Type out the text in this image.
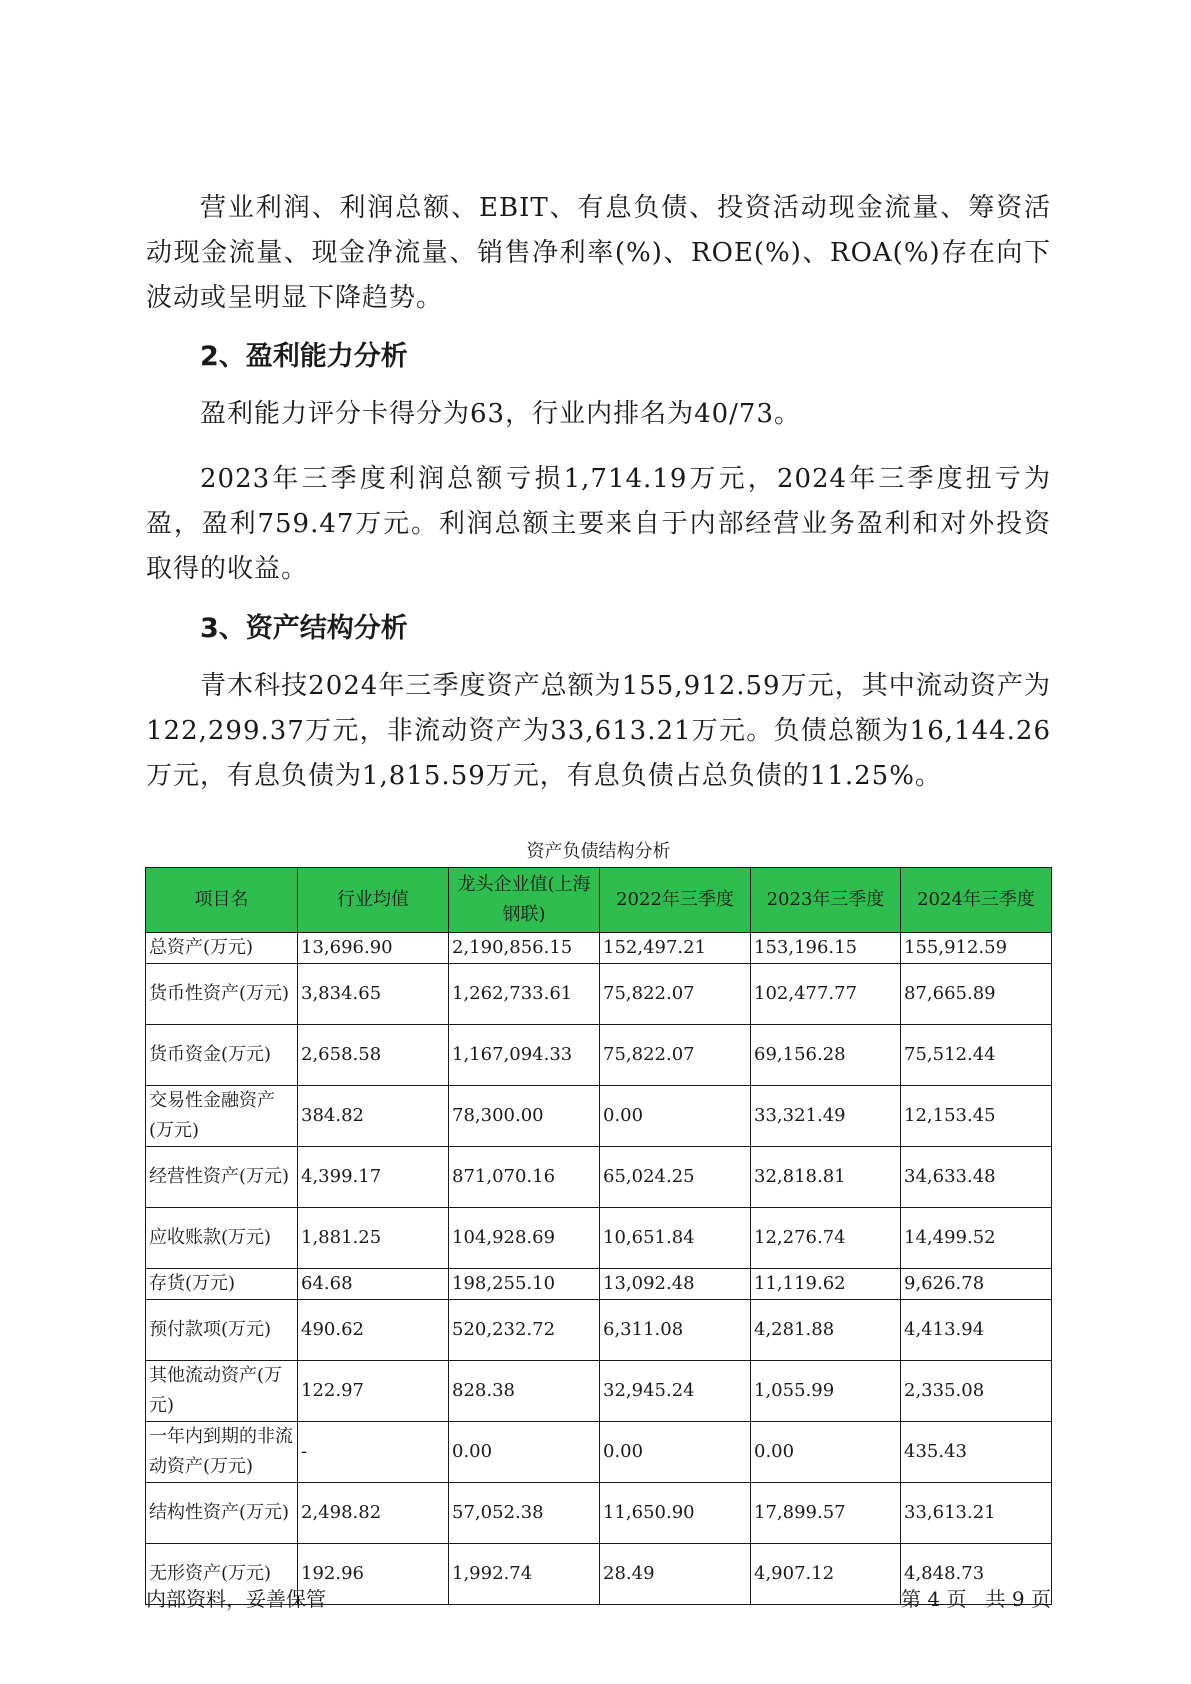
营业利润、利润总额、EBIT、有息负债、投资活动现金流量、筹资活动现金流量、现金净流量、销售净利率(%)、ROE(%)、ROA(%)存在向下波动或呈明显下降趋势。

2、盈利能力分析

盈利能力评分卡得分为63，行业内排名为40/73。

2023年三季度利润总额亏损1,714.19万元，2024年三季度扭亏为盈，盈利759.47万元。利润总额主要来自于内部经营业务盈利和对外投资取得的收益。

3、资产结构分析

青木科技2024年三季度资产总额为155,912.59万元，其中流动资产为122,299.37万元，非流动资产为33,613.21万元。负债总额为16,144.26万元，有息负债为1,815.59万元，有息负债占总负债的11.25%。

资产负债结构分析
项目名	行业均值	龙头企业值(上海钢联)	2022年三季度	2023年三季度	2024年三季度
总资产(万元)	13,696.90	2,190,856.15	152,497.21	153,196.15	155,912.59
货币性资产(万元)	3,834.65	1,262,733.61	75,822.07	102,477.77	87,665.89
货币资金(万元)	2,658.58	1,167,094.33	75,822.07	69,156.28	75,512.44
交易性金融资产(万元)	384.82	78,300.00	0.00	33,321.49	12,153.45
经营性资产(万元)	4,399.17	871,070.16	65,024.25	32,818.81	34,633.48
应收账款(万元)	1,881.25	104,928.69	10,651.84	12,276.74	14,499.52
存货(万元)	64.68	198,255.10	13,092.48	11,119.62	9,626.78
预付款项(万元)	490.62	520,232.72	6,311.08	4,281.88	4,413.94
其他流动资产(万元)	122.97	828.38	32,945.24	1,055.99	2,335.08
一年内到期的非流动资产(万元)	-	0.00	0.00	0.00	435.43
结构性资产(万元)	2,498.82	57,052.38	11,650.90	17,899.57	33,613.21
无形资产(万元)	192.96	1,992.74	28.49	4,907.12	4,848.73
内部资料，妥善保管	第 4 页   共 9 页
